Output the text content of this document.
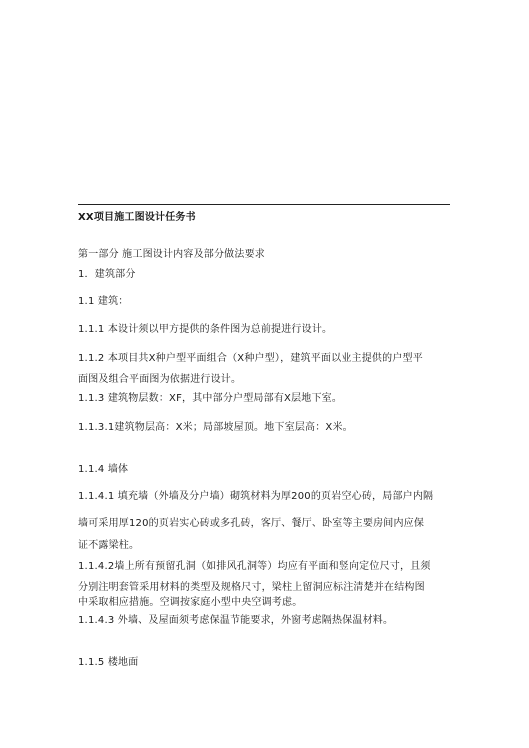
XX项目施工图设计任务书
第一部分 施工图设计内容及部分做法要求
1．建筑部分
1.1 建筑：
1.1.1 本设计须以甲方提供的条件图为总前提进行设计。
1.1.2 本项目共X种户型平面组合（X种户型），建筑平面以业主提供的户型平
面图及组合平面图为依据进行设计。
1.1.3 建筑物层数：XF，其中部分户型局部有X层地下室。
1.1.3.1建筑物层高：X米；局部坡屋顶。地下室层高：X米。
1.1.4 墙体
1.1.4.1 填充墙（外墙及分户墙）砌筑材料为厚200的页岩空心砖，局部户内隔
墙可采用厚120的页岩实心砖或多孔砖，客厅、餐厅、卧室等主要房间内应保
证不露梁柱。
1.1.4.2墙上所有预留孔洞（如排风孔洞等）均应有平面和竖向定位尺寸，且须
分别注明套管采用材料的类型及规格尺寸，梁柱上留洞应标注清楚并在结构图
中采取相应措施。空调按家庭小型中央空调考虑。
1.1.4.3 外墙、及屋面须考虑保温节能要求，外窗考虑隔热保温材料。
1.1.5 楼地面
